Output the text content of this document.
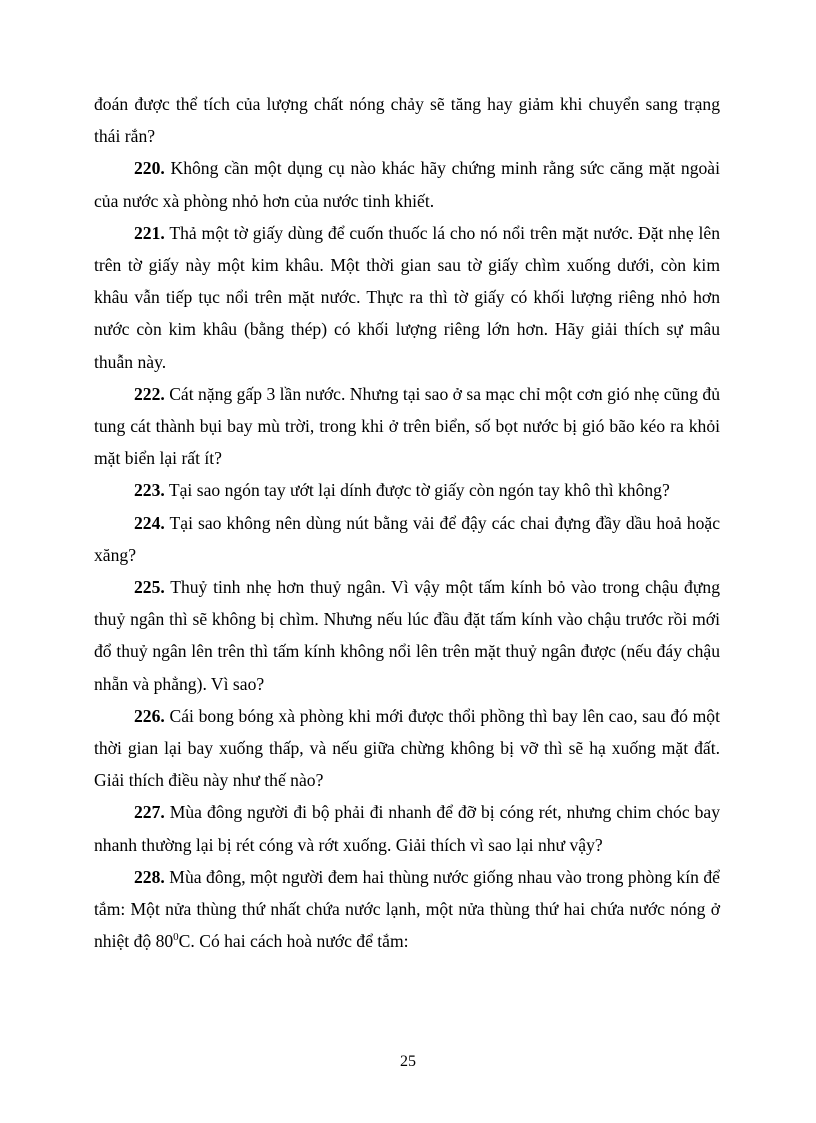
đoán được thể tích của lượng chất nóng chảy sẽ tăng hay giảm khi chuyển sang trạng thái rắn?

220. Không cần một dụng cụ nào khác hãy chứng minh rằng sức căng mặt ngoài của nước xà phòng nhỏ hơn của nước tinh khiết.

221. Thả một tờ giấy dùng để cuốn thuốc lá cho nó nổi trên mặt nước. Đặt nhẹ lên trên tờ giấy này một kim khâu. Một thời gian sau tờ giấy chìm xuống dưới, còn kim khâu vẫn tiếp tục nổi trên mặt nước. Thực ra thì tờ giấy có khối lượng riêng nhỏ hơn nước còn kim khâu (bằng thép) có khối lượng riêng lớn hơn. Hãy giải thích sự mâu thuẫn này.

222. Cát nặng gấp 3 lần nước. Nhưng tại sao ở sa mạc chỉ một cơn gió nhẹ cũng đủ tung cát thành bụi bay mù trời, trong khi ở trên biển, số bọt nước bị gió bão kéo ra khỏi mặt biển lại rất ít?

223. Tại sao ngón tay ướt lại dính được tờ giấy còn ngón tay khô thì không?

224. Tại sao không nên dùng nút bằng vải để đậy các chai đựng đầy dầu hoả hoặc xăng?

225. Thuỷ tinh nhẹ hơn thuỷ ngân. Vì vậy một tấm kính bỏ vào trong chậu đựng thuỷ ngân thì sẽ không bị chìm. Nhưng nếu lúc đầu đặt tấm kính vào chậu trước rồi mới đổ thuỷ ngân lên trên thì tấm kính không nổi lên trên mặt thuỷ ngân được (nếu đáy chậu nhẵn và phẳng). Vì sao?

226. Cái bong bóng xà phòng khi mới được thổi phồng thì bay lên cao, sau đó một thời gian lại bay xuống thấp, và nếu giữa chừng không bị vỡ thì sẽ hạ xuống mặt đất. Giải thích điều này như thế nào?

227. Mùa đông người đi bộ phải đi nhanh để đỡ bị cóng rét, nhưng chim chóc bay nhanh thường lại bị rét cóng và rớt xuống. Giải thích vì sao lại như vậy?

228. Mùa đông, một người đem hai thùng nước giống nhau vào trong phòng kín để tắm: Một nửa thùng thứ nhất chứa nước lạnh, một nửa thùng thứ hai chứa nước nóng ở nhiệt độ $80^0C$. Có hai cách hoà nước để tắm:

25
